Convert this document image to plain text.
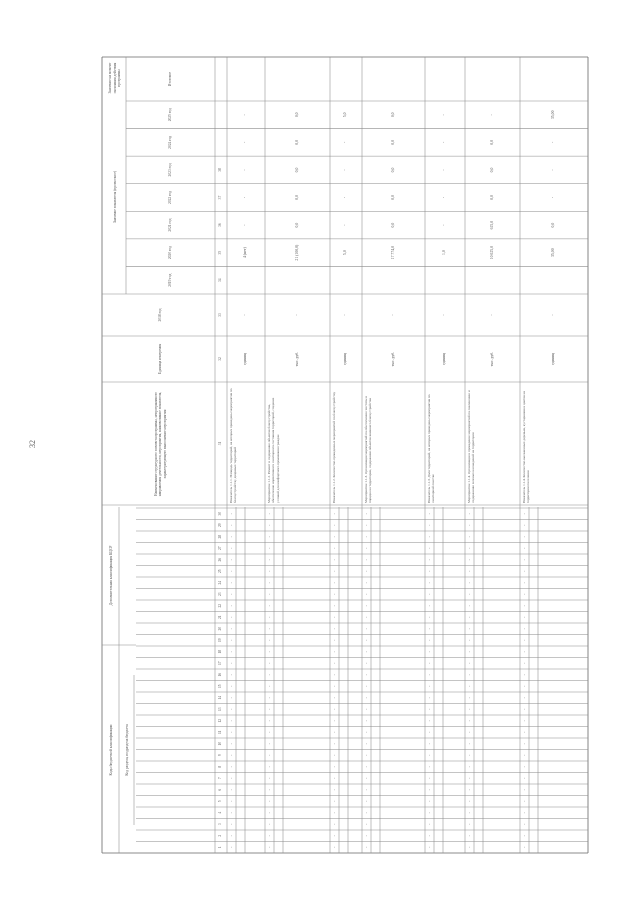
32
Коды бюджетной классификации	Код раздела, подраздела бюджета
Дополнительная классификация КЦСР
Наименование структурного элемента программы, непрограммного направления деятельности, мероприятия, наименование показателя, характеризующего выполнение мероприятия
Единица измерения
2018 год
Значение показателя (прогнозное)
Значение на момент окончания действия программы
2019 год
2020 год
2021 год
2022 год
2023 год
2024 год
2025 год
Итоговое
1
2
3
4
5
6
7
8
9
10
11
12
13
14
15
16
17
18
19
20
21
22
23
24
25
26
27
28
29
30
31
32
33
34
35
36
37
38
-
-
-
-
-
-
-
-
-
-
-
-
-
-
-
-
-
-
-
-
-
-
-
-
-
-
-
-
-
-
Показатель 1.1.1. Площадь территорий, на которых проведены мероприятия по благоустройству дворовых территорий
единиц
-
4 (нет)
-
-
-
-
-
-
-
-
-
-
-
-
-
-
-
-
-
-
-
-
-
-
-
-
-
-
-
-
-
-
-
-
-
-
-
Мероприятие 1.1.2. Ремонт и содержание объектов благоустройства, обеспечение нормативного санитарного состояния территорий, создание условий для комфортного проживания граждан
тыс. руб.
-
21 (100,0)
0,0
0,0
0,0
0,0
0,0
-
-
-
-
-
-
-
-
-
-
-
-
-
-
-
-
-
-
-
-
-
-
-
-
-
-
-
-
-
-
Показатель 1.1.2. Количество проведенных мероприятий по благоустройству
единиц
-
5,0
-
-
-
-
5,0
-
-
-
-
-
-
-
-
-
-
-
-
-
-
-
-
-
-
-
-
-
-
-
-
-
-
-
-
-
-
Мероприятие 1.1.3. Организация мероприятий по обеспечению чистоты и порядка на территории, содержание объектов внешнего благоустройства
тыс. руб.
-
17 774,0
0,0
0,0
0,0
0,0
0,0
-
-
-
-
-
-
-
-
-
-
-
-
-
-
-
-
-
-
-
-
-
-
-
-
-
-
-
-
-
-
Показатель 1.1.3. Доля территорий, на которых проведены мероприятия по санитарной очистке
единиц
-
1,0
-
-
-
-
-
-
-
-
-
-
-
-
-
-
-
-
-
-
-
-
-
-
-
-
-
-
-
-
-
-
-
-
-
-
-
Мероприятие 1.1.4. Организация и проведение мероприятий по озеленению и содержанию зеленых насаждений на территории
тыс. руб.
-
10 025,0
615,0
0,0
0,0
0,0
-
-
-
-
-
-
-
-
-
-
-
-
-
-
-
-
-
-
-
-
-
-
-
-
-
-
-
-
-
-
-
Показатель 1.1.4. Количество высаженных деревьев, кустарников и цветов на территории поселения
единиц
-
35,00
0,0
-
-
-
35,00
